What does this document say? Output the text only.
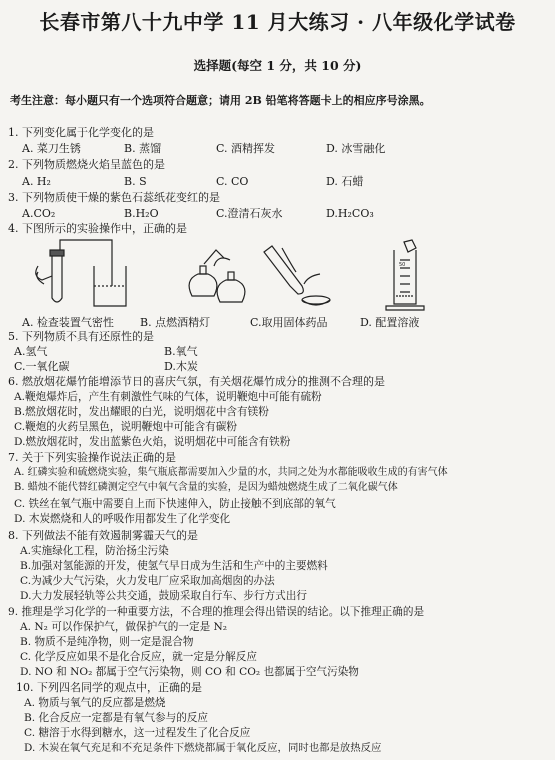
长春市第八十九中学 11 月大练习 · 八年级化学试卷
选择题(每空 1 分，共 10 分)
考生注意：每小题只有一个选项符合题意；请用 2B 铅笔将答题卡上的相应序号涂黑。
1. 下列变化属于化学变化的是
A. 菜刀生锈	B. 蒸馏	C. 酒精挥发	D. 冰雪融化
2. 下列物质燃烧火焰呈蓝色的是
A. H₂	B. S	C. CO	D. 石蜡
3. 下列物质使干燥的紫色石蕊纸花变红的是
A.CO₂	B.H₂O	C.澄清石灰水	D.H₂CO₃
4. 下图所示的实验操作中，正确的是
50
A. 检查装置气密性 B. 点燃酒精灯	C.取用固体药品	D. 配置溶液
5. 下列物质不具有还原性的是
A.氢气	B.氧气
C.一氧化碳	D.木炭
6. 燃放烟花爆竹能增添节日的喜庆气氛，有关烟花爆竹成分的推测不合理的是
A.鞭炮爆炸后，产生有刺激性气味的气体，说明鞭炮中可能有硫粉
B.燃放烟花时，发出耀眼的白光，说明烟花中含有镁粉
C.鞭炮的火药呈黑色，说明鞭炮中可能含有碳粉
D.燃放烟花时，发出蓝紫色火焰，说明烟花中可能含有铁粉
7. 关于下列实验操作说法正确的是
A. 红磷实验和硫燃烧实验，集气瓶底都需要加入少量的水，共同之处为水都能吸收生成的有害气体
B. 蜡烛不能代替红磷测定空气中氧气含量的实验，是因为蜡烛燃烧生成了二氧化碳气体
C. 铁丝在氧气瓶中需要自上而下快速伸入，防止接触不到底部的氧气
D. 木炭燃烧和人的呼吸作用都发生了化学变化
8. 下列做法不能有效遏制雾霾天气的是
A.实施绿化工程，防治扬尘污染
B.加强对氢能源的开发，使氢气早日成为生活和生产中的主要燃料
C.为减少大气污染，火力发电厂应采取加高烟囱的办法
D.大力发展轻轨等公共交通，鼓励采取自行车、步行方式出行
9. 推理是学习化学的一种重要方法，不合理的推理会得出错误的结论。以下推理正确的是
A. N₂ 可以作保护气，做保护气的一定是 N₂
B. 物质不是纯净物，则一定是混合物
C. 化学反应如果不是化合反应，就一定是分解反应
D. NO 和 NO₂ 都属于空气污染物，则 CO 和 CO₂ 也都属于空气污染物
10. 下列四名同学的观点中，正确的是
A. 物质与氧气的反应都是燃烧
B. 化合反应一定都是有氧气参与的反应
C. 糖溶于水得到糖水，这一过程发生了化合反应
D. 木炭在氧气充足和不充足条件下燃烧都属于氧化反应，同时也都是放热反应
